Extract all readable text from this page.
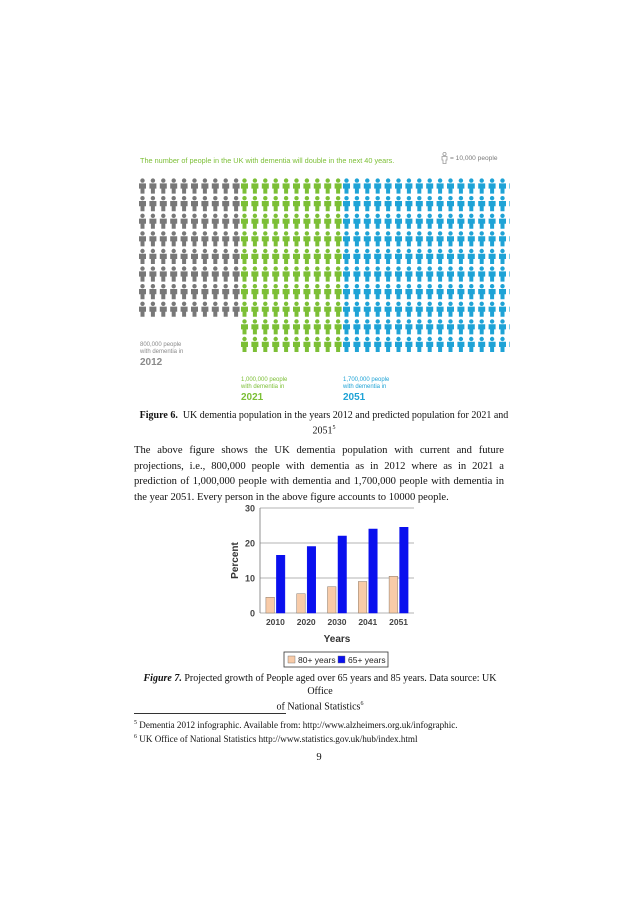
The number of people in the UK with dementia will double in the next 40 years.	= 10,000 people
800,000 people
with dementia in
2012
1,000,000 people
with dementia in
2021
1,700,000 people
with dementia in
2051
Figure 6. UK dementia population in the years 2012 and predicted population for 2021 and
2051$^5$
The above figure shows the UK dementia population with current and future projections, i.e., 800,000 people with dementia as in 2012 where as in 2021 a prediction of 1,000,000 people with dementia and 1,700,000 people with dementia in the year 2051. Every person in the above figure accounts to 10000 people.
0
10
20
30
2010 2020 2030 2041 2051
Years
Percent
80+ years 65+ years
Figure 7. Projected growth of People aged over 65 years and 85 years. Data source: UK Office
of National Statistics$^6$
$^5$ Dementia 2012 infographic. Available from: http://www.alzheimers.org.uk/infographic.
$^6$ UK Office of National Statistics http://www.statistics.gov.uk/hub/index.html
9
